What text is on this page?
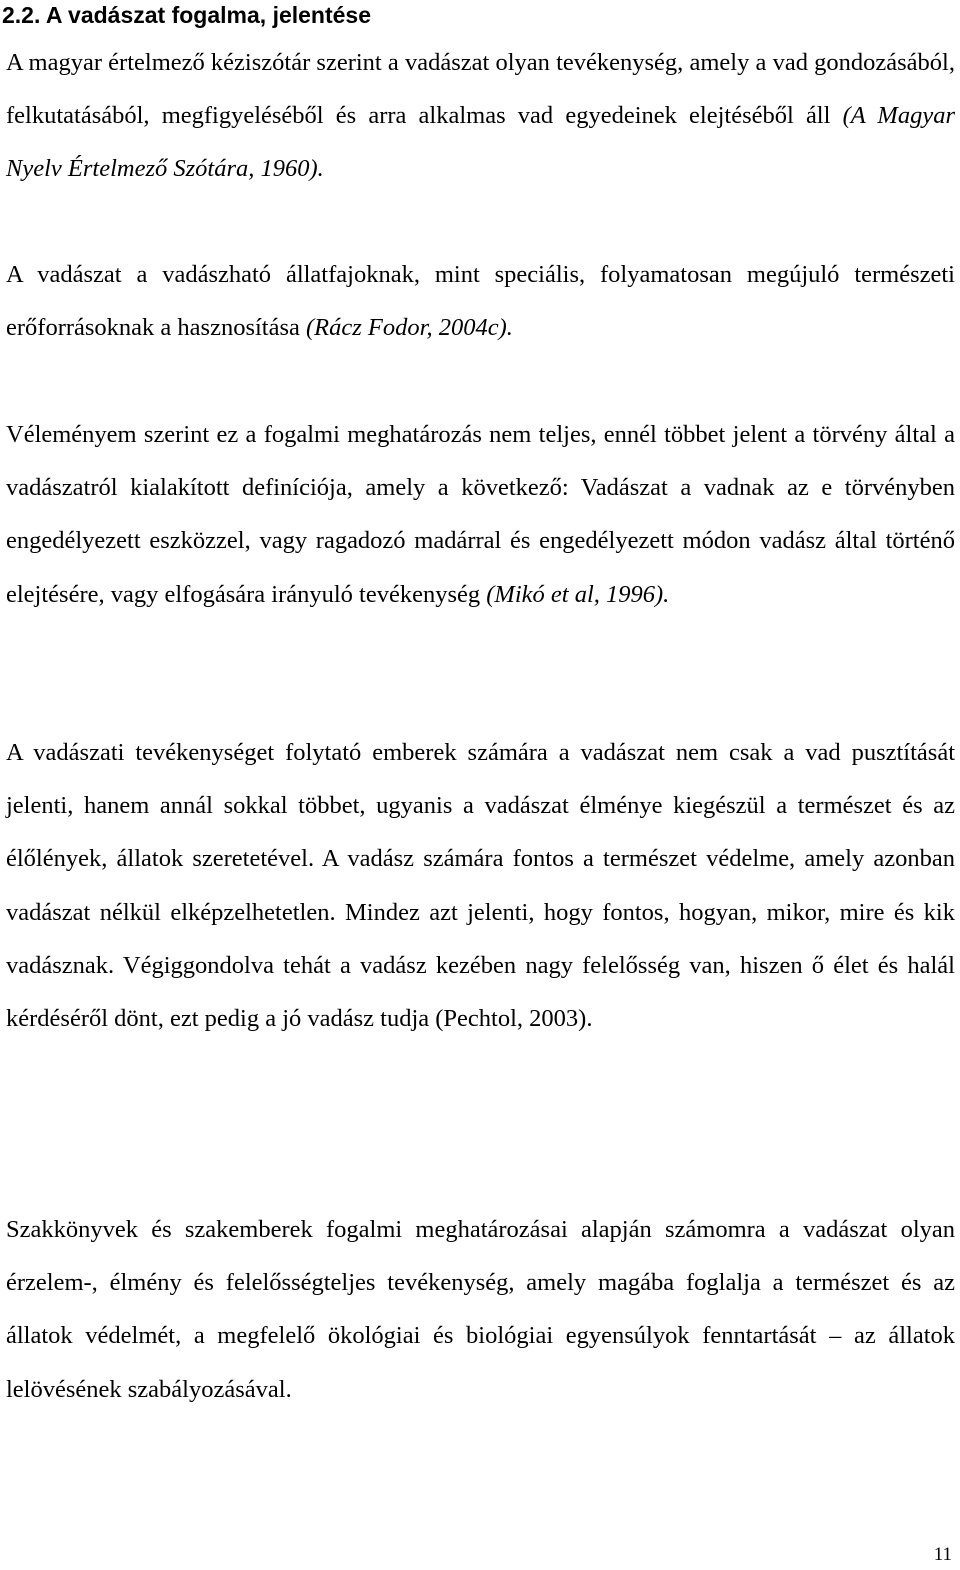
2.2. A vadászat fogalma, jelentése

A magyar értelmező kéziszótár szerint a vadászat olyan tevékenység, amely a vad gondozásából, felkutatásából, megfigyeléséből és arra alkalmas vad egyedeinek elejtéséből áll (A Magyar Nyelv Értelmező Szótára, 1960).

A vadászat a vadászható állatfajoknak, mint speciális, folyamatosan megújuló természeti erőforrásoknak a hasznosítása (Rácz Fodor, 2004c).

Véleményem szerint ez a fogalmi meghatározás nem teljes, ennél többet jelent a törvény által a vadászatról kialakított definíciója, amely a következő: Vadászat a vadnak az e törvényben engedélyezett eszközzel, vagy ragadozó madárral és engedélyezett módon vadász által történő elejtésére, vagy elfogására irányuló tevékenység (Mikó et al, 1996).

A vadászati tevékenységet folytató emberek számára a vadászat nem csak a vad pusztítását jelenti, hanem annál sokkal többet, ugyanis a vadászat élménye kiegészül a természet és az élőlények, állatok szeretetével. A vadász számára fontos a természet védelme, amely azonban vadászat nélkül elképzelhetetlen. Mindez azt jelenti, hogy fontos, hogyan, mikor, mire és kik vadásznak. Végiggondolva tehát a vadász kezében nagy felelősség van, hiszen ő élet és halál kérdéséről dönt, ezt pedig a jó vadász tudja (Pechtol, 2003).

Szakkönyvek és szakemberek fogalmi meghatározásai alapján számomra a vadászat olyan érzelem-, élmény és felelősségteljes tevékenység, amely magába foglalja a természet és az állatok védelmét, a megfelelő ökológiai és biológiai egyensúlyok fenntartását – az állatok lelövésének szabályozásával.

11
